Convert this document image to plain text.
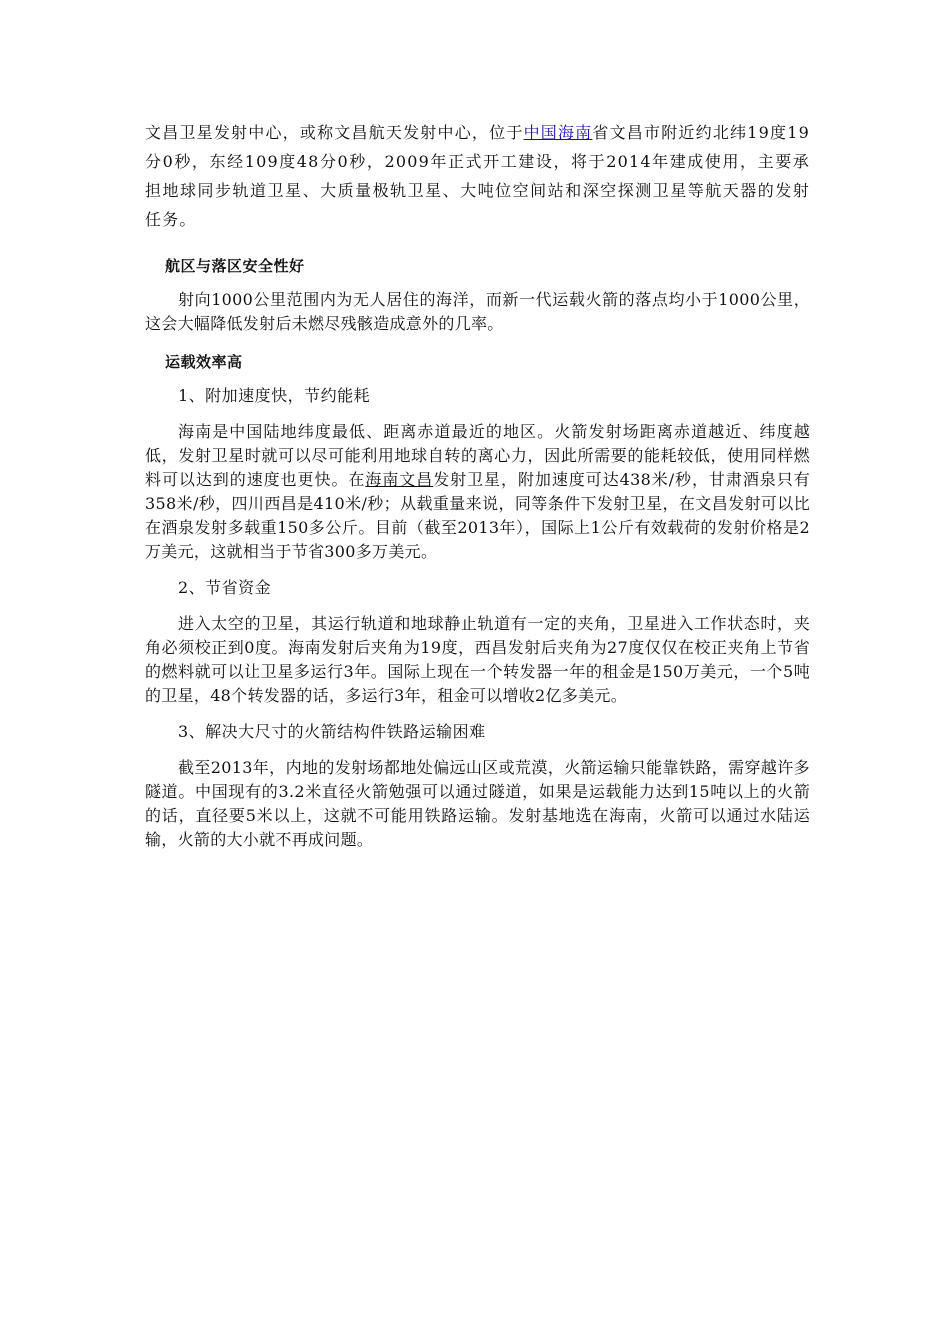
文昌卫星发射中心，或称文昌航天发射中心，位于中国海南省文昌市附近约北纬19度19分0秒，东经109度48分0秒，2009年正式开工建设，将于2014年建成使用，主要承担地球同步轨道卫星、大质量极轨卫星、大吨位空间站和深空探测卫星等航天器的发射任务。

航区与落区安全性好

射向1000公里范围内为无人居住的海洋，而新一代运载火箭的落点均小于1000公里，这会大幅降低发射后未燃尽残骸造成意外的几率。

运载效率高
1、附加速度快，节约能耗

海南是中国陆地纬度最低、距离赤道最近的地区。火箭发射场距离赤道越近、纬度越低，发射卫星时就可以尽可能利用地球自转的离心力，因此所需要的能耗较低，使用同样燃料可以达到的速度也更快。在海南文昌发射卫星，附加速度可达438米/秒，甘肃酒泉只有358米/秒，四川西昌是410米/秒；从载重量来说，同等条件下发射卫星，在文昌发射可以比在酒泉发射多载重150多公斤。目前（截至2013年），国际上1公斤有效载荷的发射价格是2万美元，这就相当于节省300多万美元。

2、节省资金

进入太空的卫星，其运行轨道和地球静止轨道有一定的夹角，卫星进入工作状态时，夹角必须校正到0度。海南发射后夹角为19度，西昌发射后夹角为27度仅仅在校正夹角上节省的燃料就可以让卫星多运行3年。国际上现在一个转发器一年的租金是150万美元，一个5吨的卫星，48个转发器的话，多运行3年，租金可以增收2亿多美元。

3、解决大尺寸的火箭结构件铁路运输困难

截至2013年，内地的发射场都地处偏远山区或荒漠，火箭运输只能靠铁路，需穿越许多隧道。中国现有的3.2米直径火箭勉强可以通过隧道，如果是运载能力达到15吨以上的火箭的话，直径要5米以上，这就不可能用铁路运输。发射基地选在海南，火箭可以通过水陆运输，火箭的大小就不再成问题。
